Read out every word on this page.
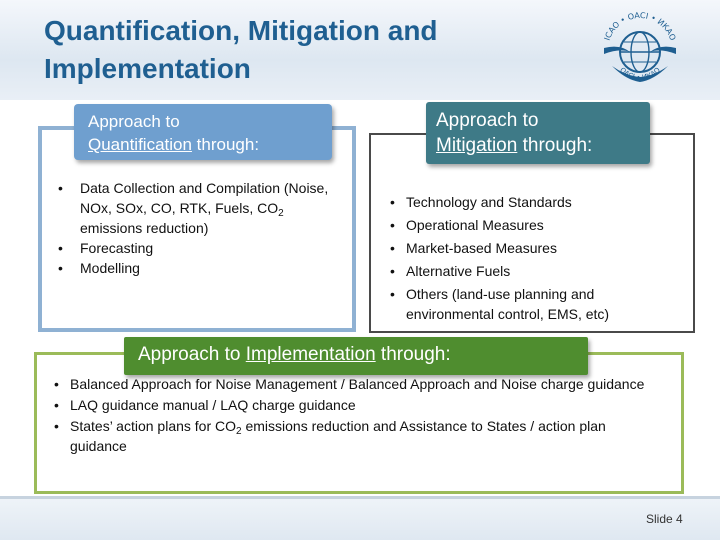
Quantification, Mitigation and Implementation
ICAO • OACI • ИКАО
OACI • ИКАО
Approach to
Quantification through:
• Data Collection and Compilation (Noise, NOx, SOx, CO, RTK, Fuels, $CO_2$ emissions reduction)
• Forecasting
• Modelling
Approach to
Mitigation through:
• Technology and Standards
• Operational Measures
• Market-based Measures
• Alternative Fuels
• Others (land-use planning and environmental control, EMS, etc)
Approach to Implementation through:
• Balanced Approach for Noise Management / Balanced Approach and Noise charge guidance
• LAQ guidance manual / LAQ charge guidance
• States’ action plans for $CO_2$ emissions reduction and Assistance to States / action plan guidance
Slide 4
